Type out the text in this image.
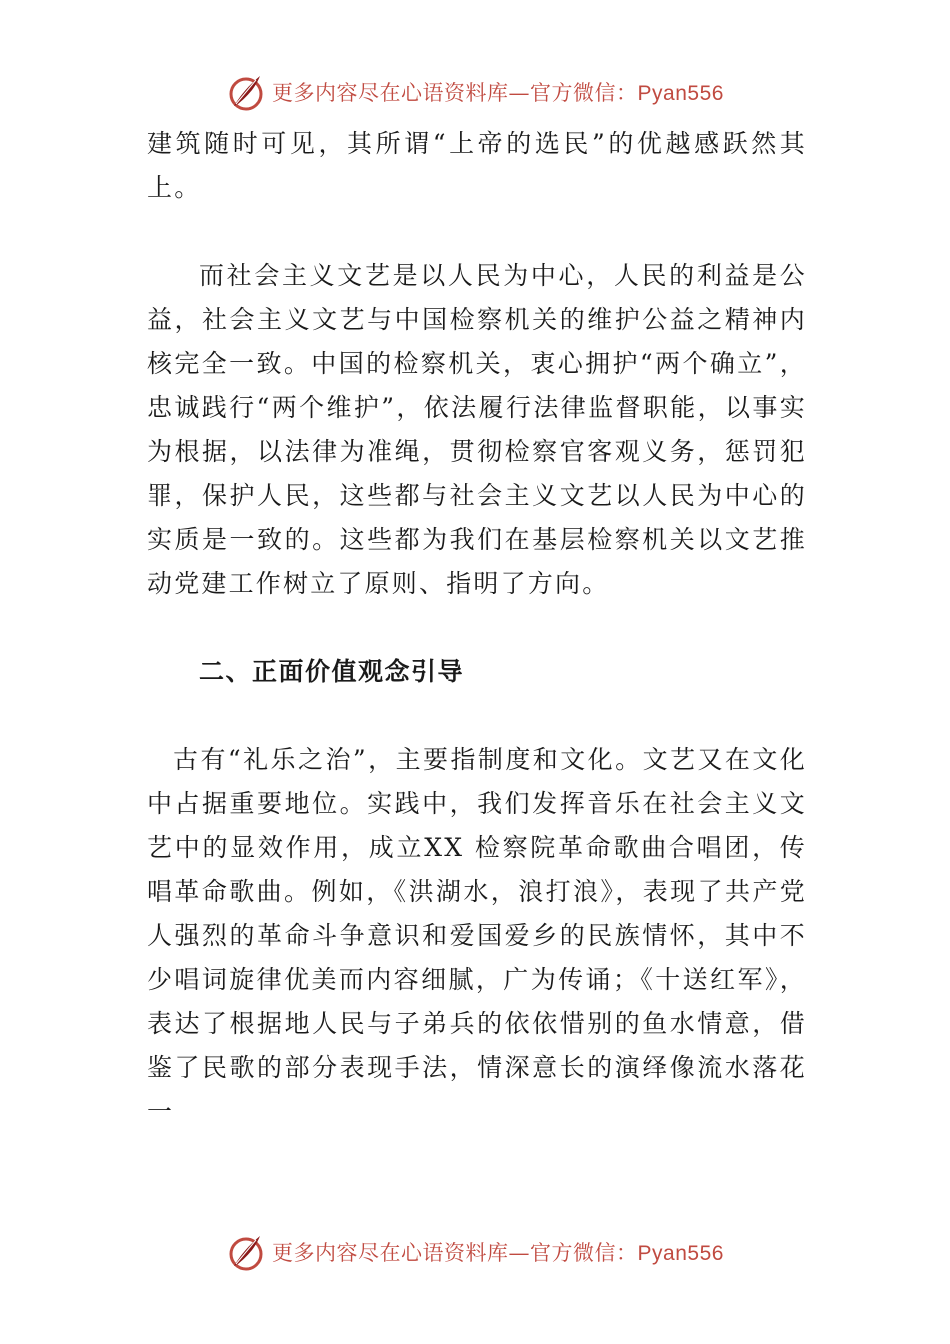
更多内容尽在心语资料库—官方微信：Pyan556

建筑随时可见，其所谓“上帝的选民”的优越感跃然其上。

而社会主义文艺是以人民为中心，人民的利益是公益，社会主义文艺与中国检察机关的维护公益之精神内核完全一致。中国的检察机关，衷心拥护“两个确立”，忠诚践行“两个维护”，依法履行法律监督职能，以事实为根据，以法律为准绳，贯彻检察官客观义务，惩罚犯罪，保护人民，这些都与社会主义文艺以人民为中心的实质是一致的。这些都为我们在基层检察机关以文艺推动党建工作树立了原则、指明了方向。

二、正面价值观念引导

古有“礼乐之治”，主要指制度和文化。文艺又在文化中占据重要地位。实践中，我们发挥音乐在社会主义文艺中的显效作用，成立XX 检察院革命歌曲合唱团，传唱革命歌曲。例如，《洪湖水，浪打浪》，表现了共产党人强烈的革命斗争意识和爱国爱乡的民族情怀，其中不少唱词旋律优美而内容细腻，广为传诵；《十送红军》，表达了根据地人民与子弟兵的依依惜别的鱼水情意，借鉴了民歌的部分表现手法，情深意长的演绎像流水落花一

更多内容尽在心语资料库—官方微信：Pyan556
